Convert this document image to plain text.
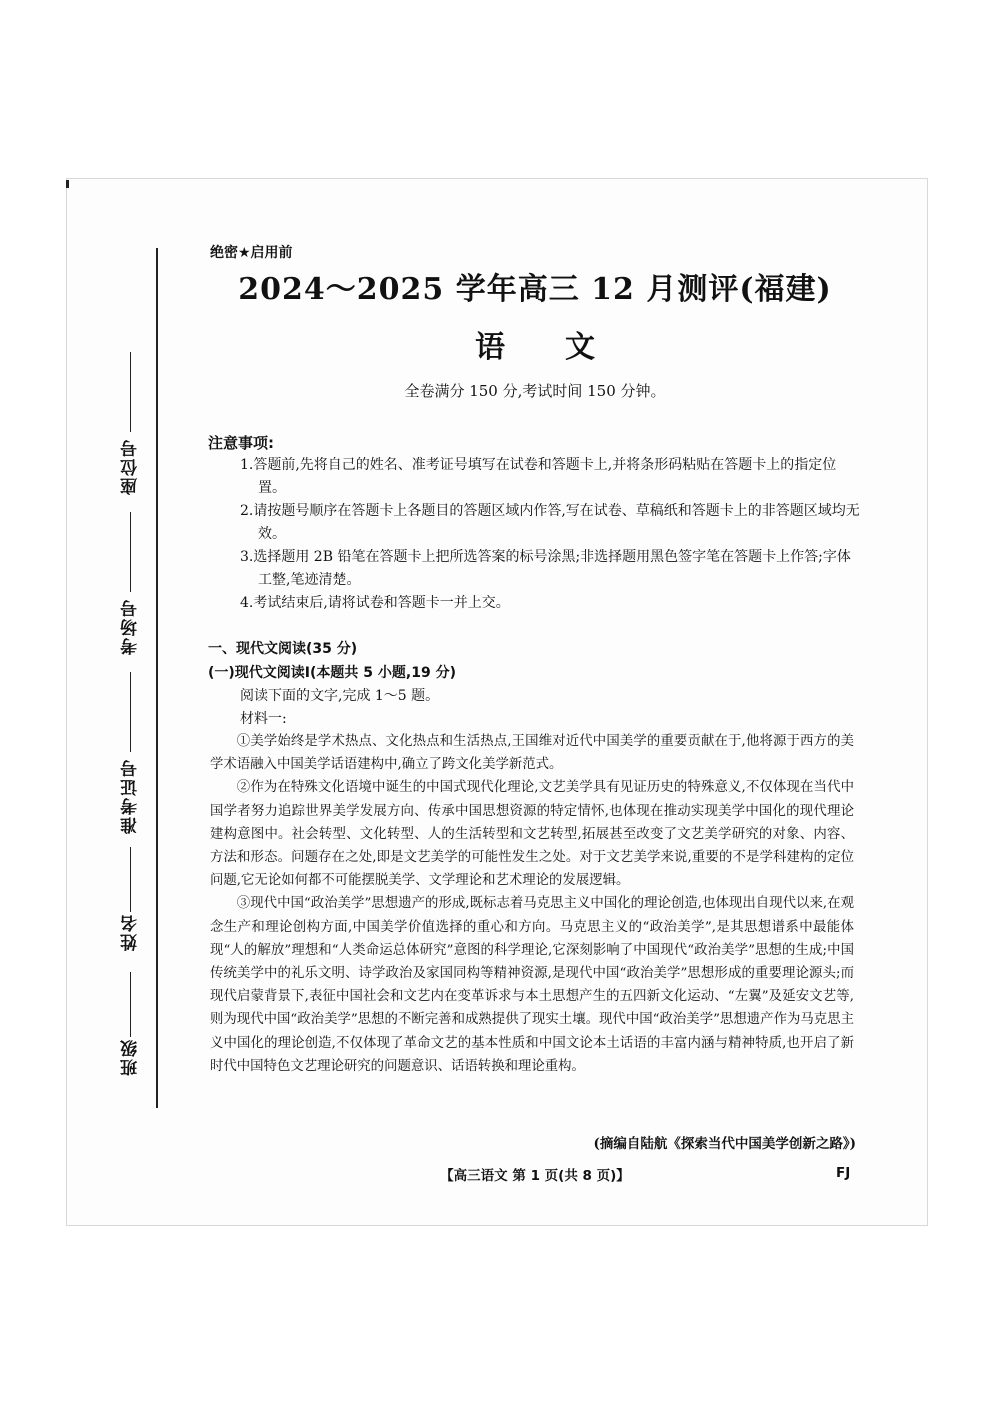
座位号
考场号
准考证号
姓名
班级
绝密★启用前
2024～2025 学年高三 12 月测评(福建)
语文
全卷满分 150 分,考试时间 150 分钟。
注意事项:
1.答题前,先将自己的姓名、准考证号填写在试卷和答题卡上,并将条形码粘贴在答题卡上的指定位置。
2.请按题号顺序在答题卡上各题目的答题区域内作答,写在试卷、草稿纸和答题卡上的非答题区域均无效。
3.选择题用 2B 铅笔在答题卡上把所选答案的标号涂黑;非选择题用黑色签字笔在答题卡上作答;字体工整,笔迹清楚。
4.考试结束后,请将试卷和答题卡一并上交。
一、现代文阅读(35 分)
(一)现代文阅读Ⅰ(本题共 5 小题,19 分)
阅读下面的文字,完成 1～5 题。
材料一:

①美学始终是学术热点、文化热点和生活热点,王国维对近代中国美学的重要贡献在于,他将源于西方的美学术语融入中国美学话语建构中,确立了跨文化美学新范式。

②作为在特殊文化语境中诞生的中国式现代化理论,文艺美学具有见证历史的特殊意义,不仅体现在当代中国学者努力追踪世界美学发展方向、传承中国思想资源的特定情怀,也体现在推动实现美学中国化的现代理论建构意图中。社会转型、文化转型、人的生活转型和文艺转型,拓展甚至改变了文艺美学研究的对象、内容、方法和形态。问题存在之处,即是文艺美学的可能性发生之处。对于文艺美学来说,重要的不是学科建构的定位问题,它无论如何都不可能摆脱美学、文学理论和艺术理论的发展逻辑。

③现代中国“政治美学”思想遗产的形成,既标志着马克思主义中国化的理论创造,也体现出自现代以来,在观念生产和理论创构方面,中国美学价值选择的重心和方向。马克思主义的“政治美学”,是其思想谱系中最能体现“人的解放”理想和“人类命运总体研究”意图的科学理论,它深刻影响了中国现代“政治美学”思想的生成;中国传统美学中的礼乐文明、诗学政治及家国同构等精神资源,是现代中国“政治美学”思想形成的重要理论源头;而现代启蒙背景下,表征中国社会和文艺内在变革诉求与本土思想产生的五四新文化运动、“左翼”及延安文艺等,则为现代中国“政治美学”思想的不断完善和成熟提供了现实土壤。现代中国“政治美学”思想遗产作为马克思主义中国化的理论创造,不仅体现了革命文艺的基本性质和中国文论本土话语的丰富内涵与精神特质,也开启了新时代中国特色文艺理论研究的问题意识、话语转换和理论重构。

(摘编自陆航《探索当代中国美学创新之路》)
【高三语文 第 1 页(共 8 页)】	FJ
